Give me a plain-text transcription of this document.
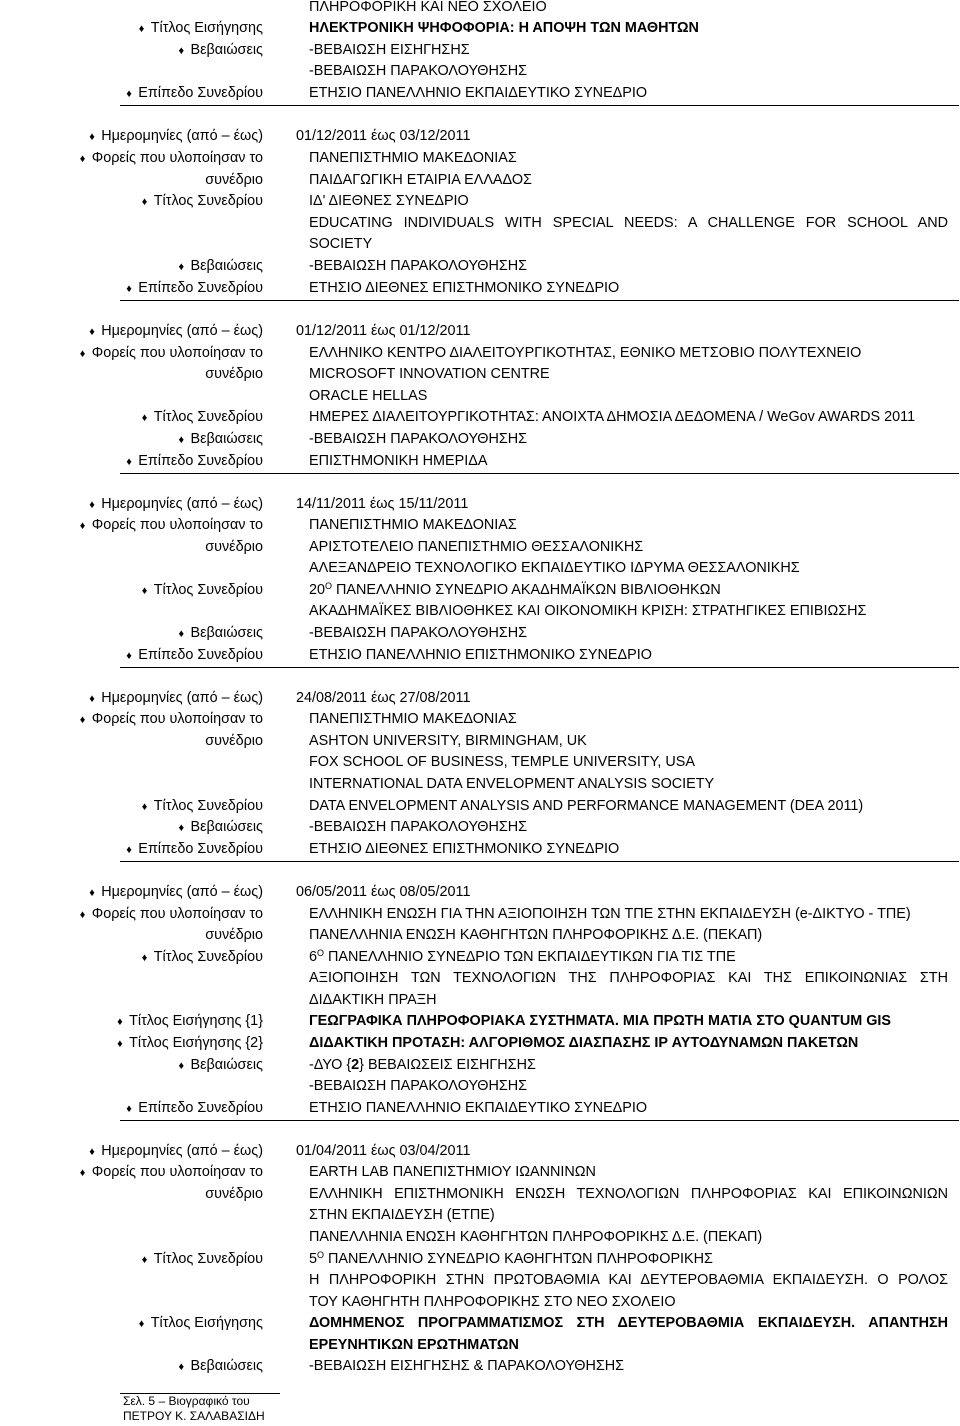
ΠΛΗΡΟΦΟΡΙΚΗ ΚΑΙ ΝΕΟ ΣΧΟΛΕΙΟ
♦ Τίτλος Εισήγησης	ΗΛΕΚΤΡΟΝΙΚΗ ΨΗΦΟΦΟΡΙΑ: Η ΑΠΟΨΗ ΤΩΝ ΜΑΘΗΤΩΝ
♦ Βεβαιώσεις	-ΒΕΒΑΙΩΣΗ ΕΙΣΗΓΗΣΗΣ
-ΒΕΒΑΙΩΣΗ ΠΑΡΑΚΟΛΟΥΘΗΣΗΣ
♦ Επίπεδο Συνεδρίου	ΕΤΗΣΙΟ ΠΑΝΕΛΛΗΝΙΟ ΕΚΠΑΙΔΕΥΤΙΚΟ ΣΥΝΕΔΡΙΟ
♦ Ημερομηνίες (από – έως) 01/12/2011 έως 03/12/2011
♦ Φορείς που υλοποίησαν το	ΠΑΝΕΠΙΣΤΗΜΙΟ ΜΑΚΕΔΟΝΙΑΣ
συνέδριο	ΠΑΙΔΑΓΩΓΙΚΗ ΕΤΑΙΡΙΑ ΕΛΛΑΔΟΣ
♦ Τίτλος Συνεδρίου	ΙΔ' ΔΙΕΘΝΕΣ ΣΥΝΕΔΡΙΟ
EDUCATING INDIVIDUALS WITH SPECIAL NEEDS: A CHALLENGE FOR SCHOOL AND
SOCIETY
♦ Βεβαιώσεις	-ΒΕΒΑΙΩΣΗ ΠΑΡΑΚΟΛΟΥΘΗΣΗΣ
♦ Επίπεδο Συνεδρίου	ΕΤΗΣΙΟ ΔΙΕΘΝΕΣ ΕΠΙΣΤΗΜΟΝΙΚΟ ΣΥΝΕΔΡΙΟ
♦ Ημερομηνίες (από – έως) 01/12/2011 έως 01/12/2011
♦ Φορείς που υλοποίησαν το	ΕΛΛΗΝΙΚΟ ΚΕΝΤΡΟ ΔΙΑΛΕΙΤΟΥΡΓΙΚΟΤΗΤΑΣ, ΕΘΝΙΚΟ ΜΕΤΣΟΒΙΟ ΠΟΛΥΤΕΧΝΕΙΟ
συνέδριο	MICROSOFT INNOVATION CENTRE
ORACLE HELLAS
♦ Τίτλος Συνεδρίου	ΗΜΕΡΕΣ ΔΙΑΛΕΙΤΟΥΡΓΙΚΟΤΗΤΑΣ: ΑΝΟΙΧΤΑ ΔΗΜΟΣΙΑ ΔΕΔΟΜΕΝΑ / WeGov AWARDS 2011
♦ Βεβαιώσεις	-ΒΕΒΑΙΩΣΗ ΠΑΡΑΚΟΛΟΥΘΗΣΗΣ
♦ Επίπεδο Συνεδρίου	ΕΠΙΣΤΗΜΟΝΙΚΗ ΗΜΕΡΙΔΑ
♦ Ημερομηνίες (από – έως) 14/11/2011 έως 15/11/2011
♦ Φορείς που υλοποίησαν το	ΠΑΝΕΠΙΣΤΗΜΙΟ ΜΑΚΕΔΟΝΙΑΣ
συνέδριο	ΑΡΙΣΤΟΤΕΛΕΙΟ ΠΑΝΕΠΙΣΤΗΜΙΟ ΘΕΣΣΑΛΟΝΙΚΗΣ
ΑΛΕΞΑΝΔΡΕΙΟ ΤΕΧΝΟΛΟΓΙΚΟ ΕΚΠΑΙΔΕΥΤΙΚΟ ΙΔΡΥΜΑ ΘΕΣΣΑΛΟΝΙΚΗΣ
♦ Τίτλος Συνεδρίου	$20^O$ ΠΑΝΕΛΛΗΝΙΟ ΣΥΝΕΔΡΙΟ ΑΚΑΔΗΜΑΪΚΩΝ ΒΙΒΛΙΟΘΗΚΩΝ
ΑΚΑΔΗΜΑΪΚΕΣ ΒΙΒΛΙΟΘΗΚΕΣ ΚΑΙ ΟΙΚΟΝΟΜΙΚΗ ΚΡΙΣΗ: ΣΤΡΑΤΗΓΙΚΕΣ ΕΠΙΒΙΩΣΗΣ
♦ Βεβαιώσεις	-ΒΕΒΑΙΩΣΗ ΠΑΡΑΚΟΛΟΥΘΗΣΗΣ
♦ Επίπεδο Συνεδρίου	ΕΤΗΣΙΟ ΠΑΝΕΛΛΗΝΙΟ ΕΠΙΣΤΗΜΟΝΙΚΟ ΣΥΝΕΔΡΙΟ
♦ Ημερομηνίες (από – έως) 24/08/2011 έως 27/08/2011
♦ Φορείς που υλοποίησαν το	ΠΑΝΕΠΙΣΤΗΜΙΟ ΜΑΚΕΔΟΝΙΑΣ
συνέδριο	ASHTON UNIVERSITY, BIRMINGHAM, UK
FOX SCHOOL OF BUSINESS, TEMPLE UNIVERSITY, USA
INTERNATIONAL DATA ENVELOPMENT ANALYSIS SOCIETY
♦ Τίτλος Συνεδρίου	DATA ENVELOPMENT ANALYSIS AND PERFORMANCE MANAGEMENT (DEA 2011)
♦ Βεβαιώσεις	-ΒΕΒΑΙΩΣΗ ΠΑΡΑΚΟΛΟΥΘΗΣΗΣ
♦ Επίπεδο Συνεδρίου	ΕΤΗΣΙΟ ΔΙΕΘΝΕΣ ΕΠΙΣΤΗΜΟΝΙΚΟ ΣΥΝΕΔΡΙΟ
♦ Ημερομηνίες (από – έως) 06/05/2011 έως 08/05/2011
♦ Φορείς που υλοποίησαν το	ΕΛΛΗΝΙΚΗ ΕΝΩΣΗ ΓΙΑ ΤΗΝ ΑΞΙΟΠΟΙΗΣΗ ΤΩΝ ΤΠΕ ΣΤΗΝ ΕΚΠΑΙΔΕΥΣΗ (e-ΔΙΚΤΥΟ - ΤΠΕ)
συνέδριο	ΠΑΝΕΛΛΗΝΙΑ ΕΝΩΣΗ ΚΑΘΗΓΗΤΩΝ ΠΛΗΡΟΦΟΡΙΚΗΣ Δ.Ε. (ΠΕΚΑΠ)
♦ Τίτλος Συνεδρίου	$6^O$ ΠΑΝΕΛΛΗΝΙΟ ΣΥΝΕΔΡΙΟ ΤΩΝ ΕΚΠΑΙΔΕΥΤΙΚΩΝ ΓΙΑ ΤΙΣ ΤΠΕ
ΑΞΙΟΠΟΙΗΣΗ ΤΩΝ ΤΕΧΝΟΛΟΓΙΩΝ ΤΗΣ ΠΛΗΡΟΦΟΡΙΑΣ ΚΑΙ ΤΗΣ ΕΠΙΚΟΙΝΩΝΙΑΣ ΣΤΗ
ΔΙΔΑΚΤΙΚΗ ΠΡΑΞΗ
♦ Τίτλος Εισήγησης {1}	ΓΕΩΓΡΑΦΙΚΑ ΠΛΗΡΟΦΟΡΙΑΚΑ ΣΥΣΤΗΜΑΤΑ. ΜΙΑ ΠΡΩΤΗ ΜΑΤΙΑ ΣΤΟ QUANTUM GIS
♦ Τίτλος Εισήγησης {2}	ΔΙΔΑΚΤΙΚΗ ΠΡΟΤΑΣΗ: ΑΛΓΟΡΙΘΜΟΣ ΔΙΑΣΠΑΣΗΣ IP ΑΥΤΟΔΥΝΑΜΩΝ ΠΑΚΕΤΩΝ
♦ Βεβαιώσεις	-ΔΥΟ {2} ΒΕΒΑΙΩΣΕΙΣ ΕΙΣΗΓΗΣΗΣ
-ΒΕΒΑΙΩΣΗ ΠΑΡΑΚΟΛΟΥΘΗΣΗΣ
♦ Επίπεδο Συνεδρίου	ΕΤΗΣΙΟ ΠΑΝΕΛΛΗΝΙΟ ΕΚΠΑΙΔΕΥΤΙΚΟ ΣΥΝΕΔΡΙΟ
♦ Ημερομηνίες (από – έως) 01/04/2011 έως 03/04/2011
♦ Φορείς που υλοποίησαν το	EARTH LAB ΠΑΝΕΠΙΣΤΗΜΙΟΥ ΙΩΑΝΝΙΝΩΝ
συνέδριο	ΕΛΛΗΝΙΚΗ ΕΠΙΣΤΗΜΟΝΙΚΗ ΕΝΩΣΗ ΤΕΧΝΟΛΟΓΙΩΝ ΠΛΗΡΟΦΟΡΙΑΣ ΚΑΙ ΕΠΙΚΟΙΝΩΝΙΩΝ
ΣΤΗΝ ΕΚΠΑΙΔΕΥΣΗ (ΕΤΠΕ)
ΠΑΝΕΛΛΗΝΙΑ ΕΝΩΣΗ ΚΑΘΗΓΗΤΩΝ ΠΛΗΡΟΦΟΡΙΚΗΣ Δ.Ε. (ΠΕΚΑΠ)
♦ Τίτλος Συνεδρίου	$5^O$ ΠΑΝΕΛΛΗΝΙΟ ΣΥΝΕΔΡΙΟ ΚΑΘΗΓΗΤΩΝ ΠΛΗΡΟΦΟΡΙΚΗΣ
Η ΠΛΗΡΟΦΟΡΙΚΗ ΣΤΗΝ ΠΡΩΤΟΒΑΘΜΙΑ ΚΑΙ ΔΕΥΤΕΡΟΒΑΘΜΙΑ ΕΚΠΑΙΔΕΥΣΗ. Ο ΡΟΛΟΣ
ΤΟΥ ΚΑΘΗΓΗΤΗ ΠΛΗΡΟΦΟΡΙΚΗΣ ΣΤΟ ΝΕΟ ΣΧΟΛΕΙΟ
♦ Τίτλος Εισήγησης	ΔΟΜΗΜΕΝΟΣ ΠΡΟΓΡΑΜΜΑΤΙΣΜΟΣ ΣΤΗ ΔΕΥΤΕΡΟΒΑΘΜΙΑ ΕΚΠΑΙΔΕΥΣΗ. ΑΠΑΝΤΗΣΗ
ΕΡΕΥΝΗΤΙΚΩΝ ΕΡΩΤΗΜΑΤΩΝ
♦ Βεβαιώσεις	-ΒΕΒΑΙΩΣΗ ΕΙΣΗΓΗΣΗΣ & ΠΑΡΑΚΟΛΟΥΘΗΣΗΣ
Σελ. 5 – Βιογραφικό του
ΠΕΤΡΟΥ Κ. ΣΑΛΑΒΑΣΙΔΗ
